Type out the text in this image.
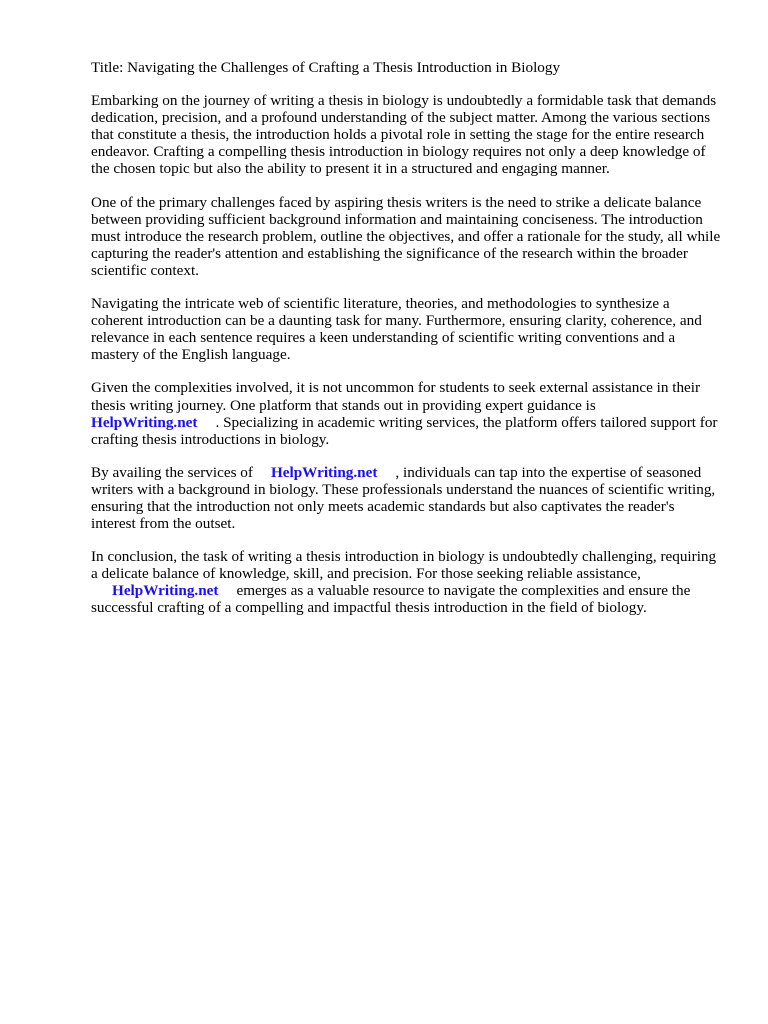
Title: Navigating the Challenges of Crafting a Thesis Introduction in Biology

Embarking on the journey of writing a thesis in biology is undoubtedly a formidable task that demands dedication, precision, and a profound understanding of the subject matter. Among the various sections that constitute a thesis, the introduction holds a pivotal role in setting the stage for the entire research endeavor. Crafting a compelling thesis introduction in biology requires not only a deep knowledge of the chosen topic but also the ability to present it in a structured and engaging manner.

One of the primary challenges faced by aspiring thesis writers is the need to strike a delicate balance between providing sufficient background information and maintaining conciseness. The introduction must introduce the research problem, outline the objectives, and offer a rationale for the study, all while capturing the reader's attention and establishing the significance of the research within the broader scientific context.

Navigating the intricate web of scientific literature, theories, and methodologies to synthesize a coherent introduction can be a daunting task for many. Furthermore, ensuring clarity, coherence, and relevance in each sentence requires a keen understanding of scientific writing conventions and a mastery of the English language.

Given the complexities involved, it is not uncommon for students to seek external assistance in their thesis writing journey. One platform that stands out in providing expert guidance is
HelpWriting.net . Specializing in academic writing services, the platform offers tailored support for crafting thesis introductions in biology.

By availing the services of HelpWriting.net , individuals can tap into the expertise of seasoned writers with a background in biology. These professionals understand the nuances of scientific writing, ensuring that the introduction not only meets academic standards but also captivates the reader's interest from the outset.

In conclusion, the task of writing a thesis introduction in biology is undoubtedly challenging, requiring a delicate balance of knowledge, skill, and precision. For those seeking reliable assistance,
HelpWriting.net emerges as a valuable resource to navigate the complexities and ensure the successful crafting of a compelling and impactful thesis introduction in the field of biology.
